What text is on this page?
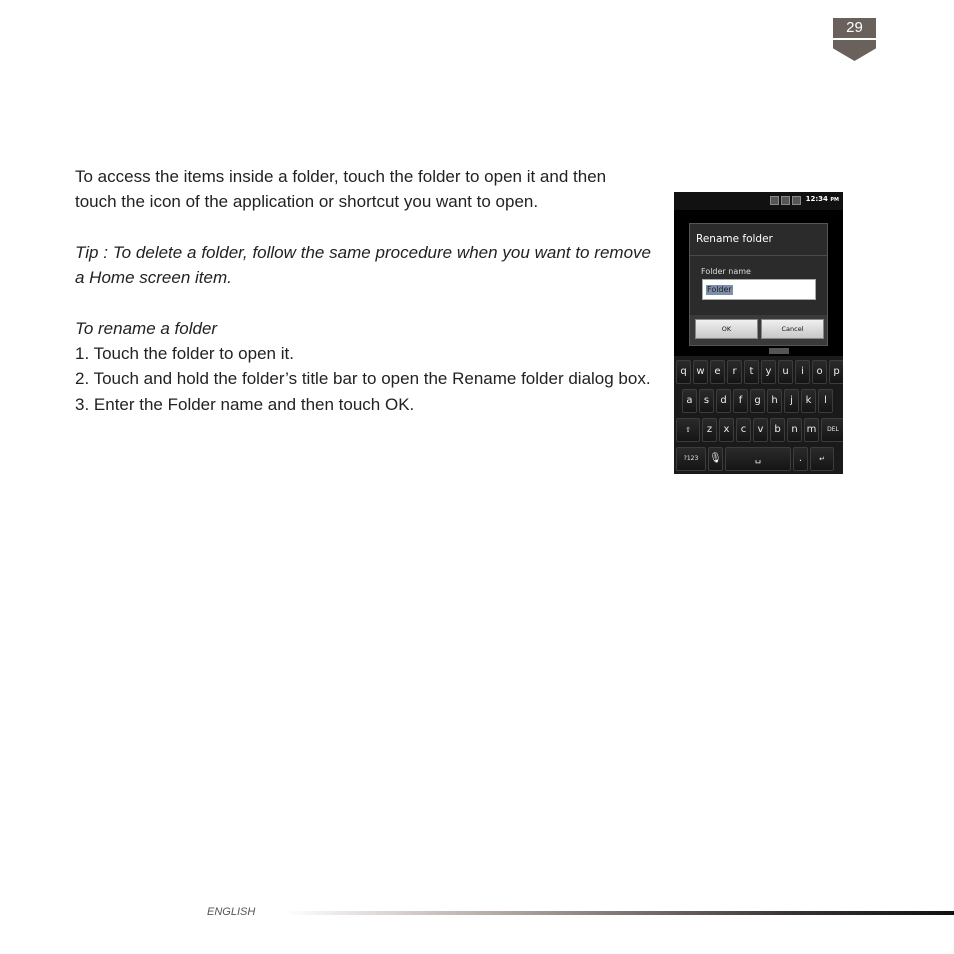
29

To access the items inside a folder, touch the folder to open it and then touch the icon of the application or shortcut you want to open.

Tip : To delete a folder, follow the same procedure when you want to remove a Home screen item.

To rename a folder

1. Touch the folder to open it.

2. Touch and hold the folder’s title bar to open the Rename folder dialog box.

3. Enter the Folder name and then touch OK.

12:34 PM
Rename folder
Folder name
Folder
OK	Cancel
q w e	r	t	y	u	i	o	p
a	s	d	f	g	h	j	k	l
⇧	z	x	c	v	b	n m	DEL
?123	🎙	␣	.	↵
ENGLISH
